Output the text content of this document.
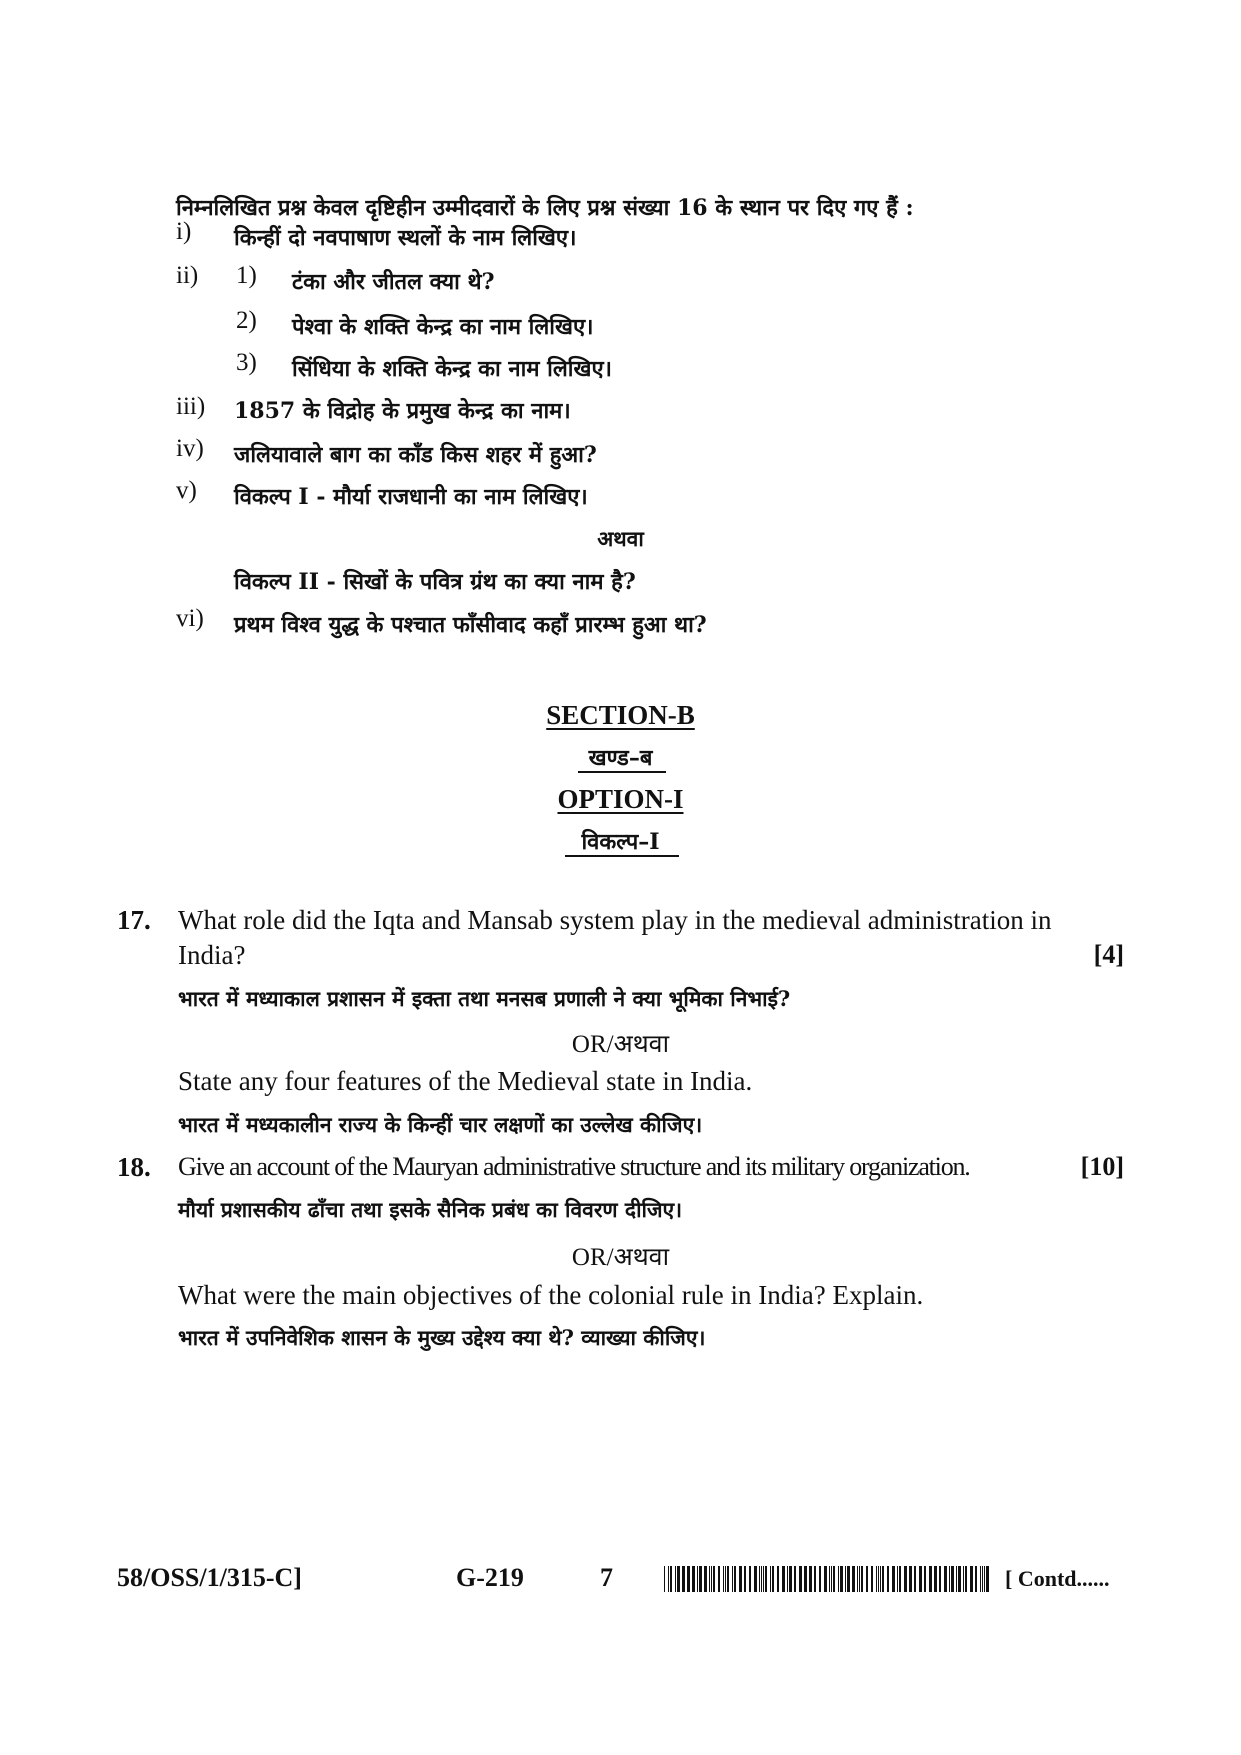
निम्नलिखित प्रश्न केवल दृष्टिहीन उम्मीदवारों के लिए प्रश्न संख्या 16 के स्थान पर दिए गए हैं :
i) किन्हीं दो नवपाषाण स्थलों के नाम लिखिए।
ii) 1) टंका और जीतल क्या थे?
2) पेश्वा के शक्ति केन्द्र का नाम लिखिए।
3) सिंधिया के शक्ति केन्द्र का नाम लिखिए।
iii) 1857 के विद्रोह के प्रमुख केन्द्र का नाम।
iv) जलियावाले बाग का काँड किस शहर में हुआ?
v) विकल्प I - मौर्या राजधानी का नाम लिखिए।
अथवा
विकल्प II - सिखों के पवित्र ग्रंथ का क्या नाम है?
vi) प्रथम विश्व युद्ध के पश्चात फाँसीवाद कहाँ प्रारम्भ हुआ था?
SECTION-B
खण्ड–ब
OPTION-I
विकल्प–I
17. What role did the Iqta and Mansab system play in the medieval administration in
India?	[4]
भारत में मध्याकाल प्रशासन में इक्ता तथा मनसब प्रणाली ने क्या भूमिका निभाई?
OR/अथवा
State any four features of the Medieval state in India.
भारत में मध्यकालीन राज्य के किन्हीं चार लक्षणों का उल्लेख कीजिए।
18. Give an account of the Mauryan administrative structure and its military organization.	[10]
मौर्या प्रशासकीय ढाँचा तथा इसके सैनिक प्रबंध का विवरण दीजिए।
OR/अथवा
What were the main objectives of the colonial rule in India? Explain.
भारत में उपनिवेशिक शासन के मुख्य उद्देश्य क्या थे? व्याख्या कीजिए।
58/OSS/1/315-C]	G-219	7	[ Contd......
